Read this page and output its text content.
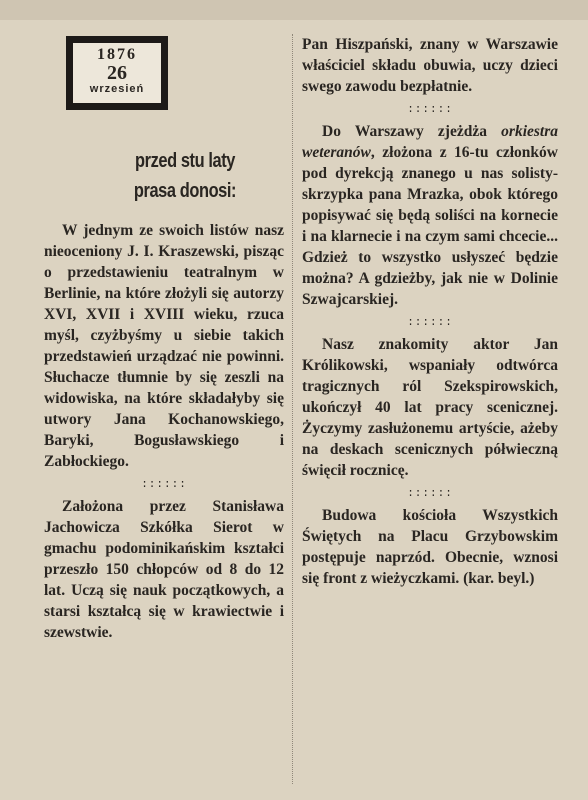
1876
26
wrzesień
przed stu laty
prasa donosi:

W jednym ze swoich listów nasz nieoceniony J. I. Kraszewski, pisząc o przedstawieniu teatralnym w Berlinie, na które złożyli się autorzy XVI, XVII i XVIII wieku, rzuca myśl, czyżbyśmy u siebie takich przedstawień urządzać nie powinni. Słuchacze tłumnie by się zeszli na widowiska, na które składałyby się utwory Jana Kochanowskiego, Baryki, Bogusławskiego i Zabłockiego.

::::::

Założona przez Stanisława Jachowicza Szkółka Sierot w gmachu podominikańskim kształci przeszło 150 chłopców od 8 do 12 lat. Uczą się nauk początkowych, a starsi kształcą się w krawiectwie i szewstwie.

Pan Hiszpański, znany w Warszawie właściciel składu obuwia, uczy dzieci swego zawodu bezpłatnie.

::::::

Do Warszawy zjeżdża orkiestra weteranów, złożona z 16-tu członków pod dyrekcją znanego u nas solisty-skrzypka pana Mrazka, obok którego popisywać się będą soliści na kornecie i na klarnecie i na czym sami chcecie... Gdzież to wszystko usłyszeć będzie można? A gdzieżby, jak nie w Dolinie Szwajcarskiej.

::::::

Nasz znakomity aktor Jan Królikowski, wspaniały odtwórca tragicznych ról Szekspirowskich, ukończył 40 lat pracy scenicznej. Życzymy zasłużonemu artyście, ażeby na deskach scenicznych półwieczną święcił rocznicę.

::::::

Budowa kościoła Wszystkich Świętych na Placu Grzybowskim postępuje naprzód. Obecnie, wznosi się front z wieżyczkami. (kar. beyl.)
